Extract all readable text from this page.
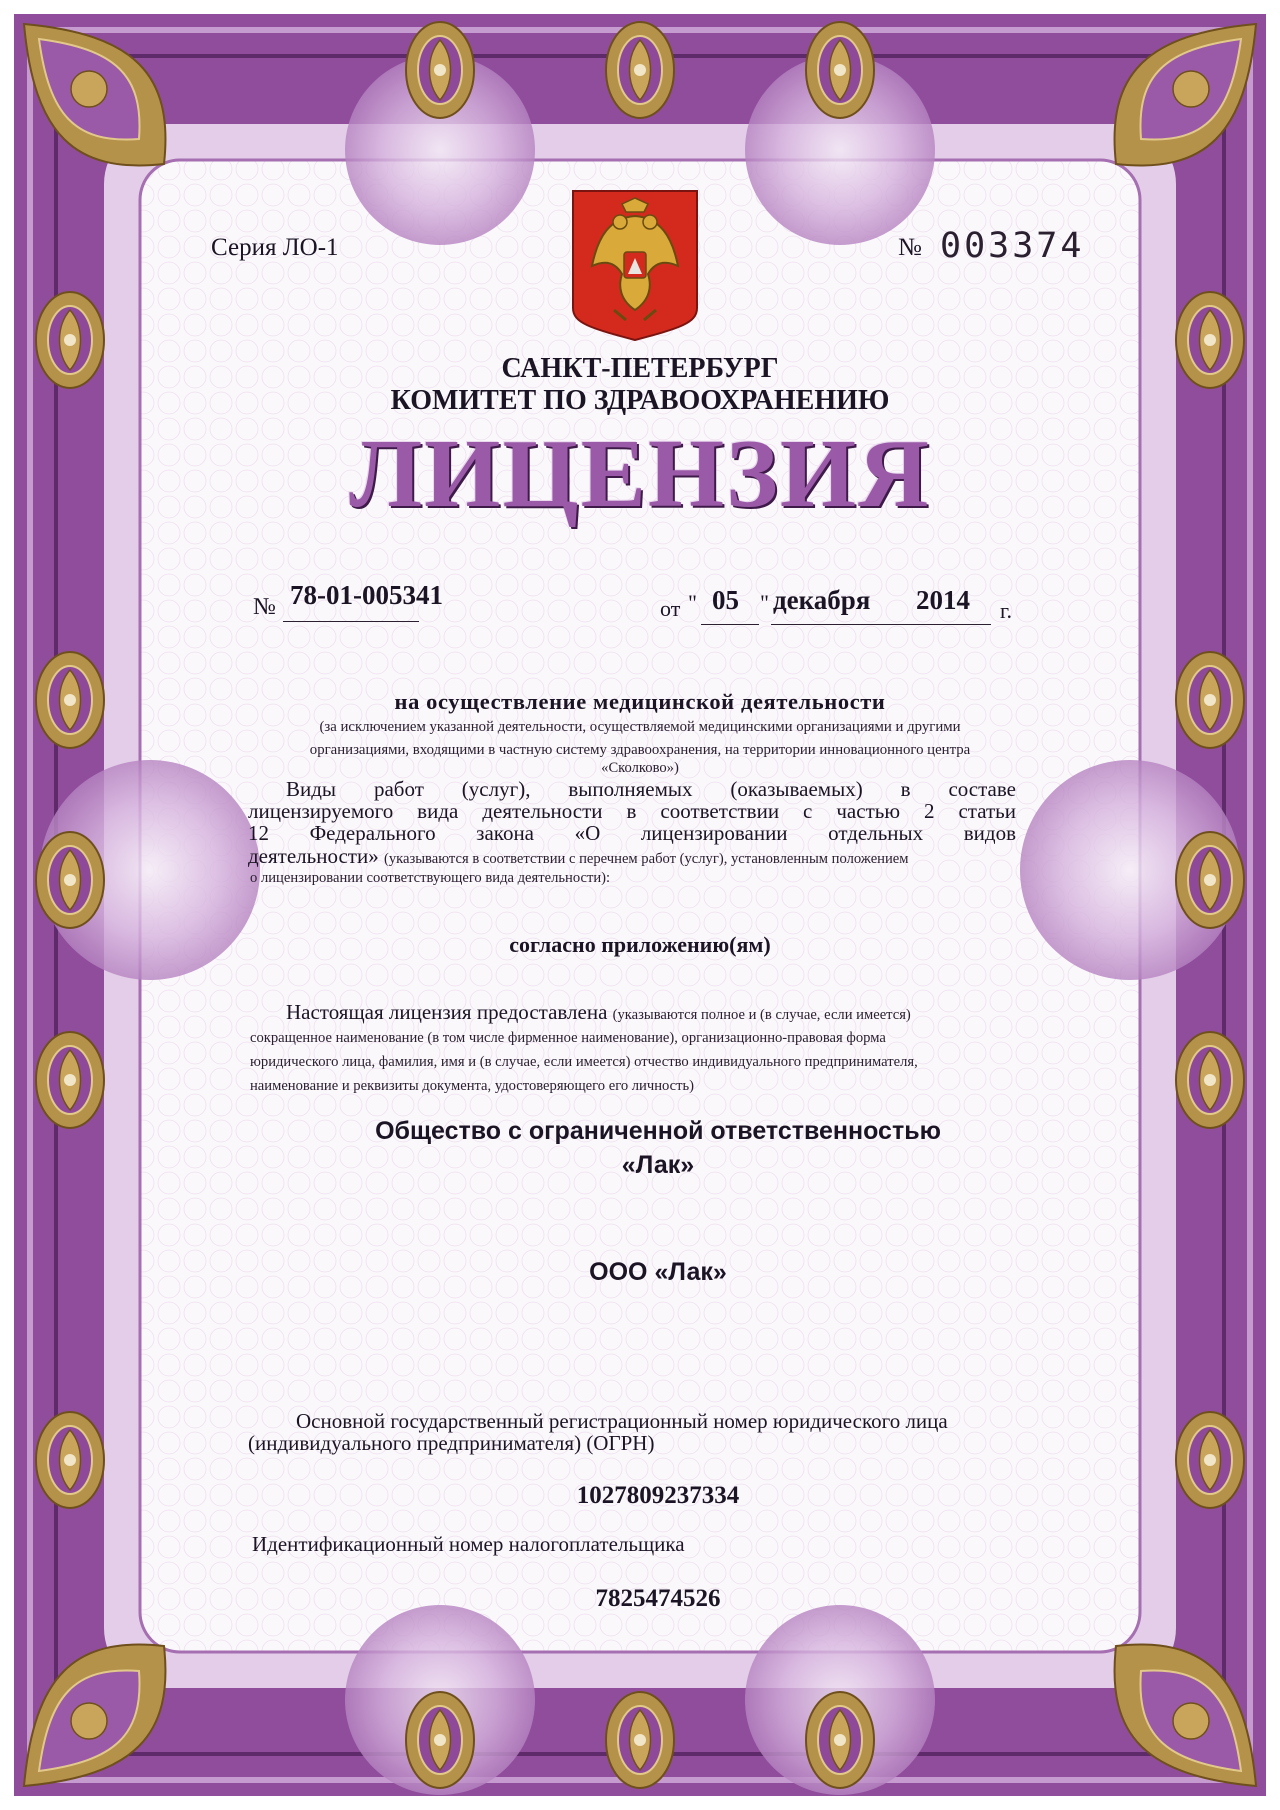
Серия ЛО-1	№ 003374
САНКТ-ПЕТЕРБУРГ
КОМИТЕТ ПО ЗДРАВООХРАНЕНИЮ
ЛИЦЕНЗИЯ
№ 78-01-005341	от " 05 " декабря 2014 г.
на осуществление медицинской деятельности
(за исключением указанной деятельности, осуществляемой медицинскими организациями и другими
организациями, входящими в частную систему здравоохранения, на территории инновационного центра
«Сколково»)
Виды работ (услуг), выполняемых (оказываемых) в составе
лицензируемого вида деятельности в соответствии с частью 2 статьи
12 Федерального закона «О лицензировании отдельных видов
деятельности» (указываются в соответствии с перечнем работ (услуг), установленным положением
о лицензировании соответствующего вида деятельности):
согласно приложению(ям)
Настоящая лицензия предоставлена (указываются полное и (в случае, если имеется)
сокращенное наименование (в том числе фирменное наименование), организационно-правовая форма
юридического лица, фамилия, имя и (в случае, если имеется) отчество индивидуального предпринимателя,
наименование и реквизиты документа, удостоверяющего его личность)
Общество с ограниченной ответственностью
«Лак»
ООО «Лак»
Основной государственный регистрационный номер юридического лица
(индивидуального предпринимателя) (ОГРН)
1027809237334
Идентификационный номер налогоплательщика
7825474526
